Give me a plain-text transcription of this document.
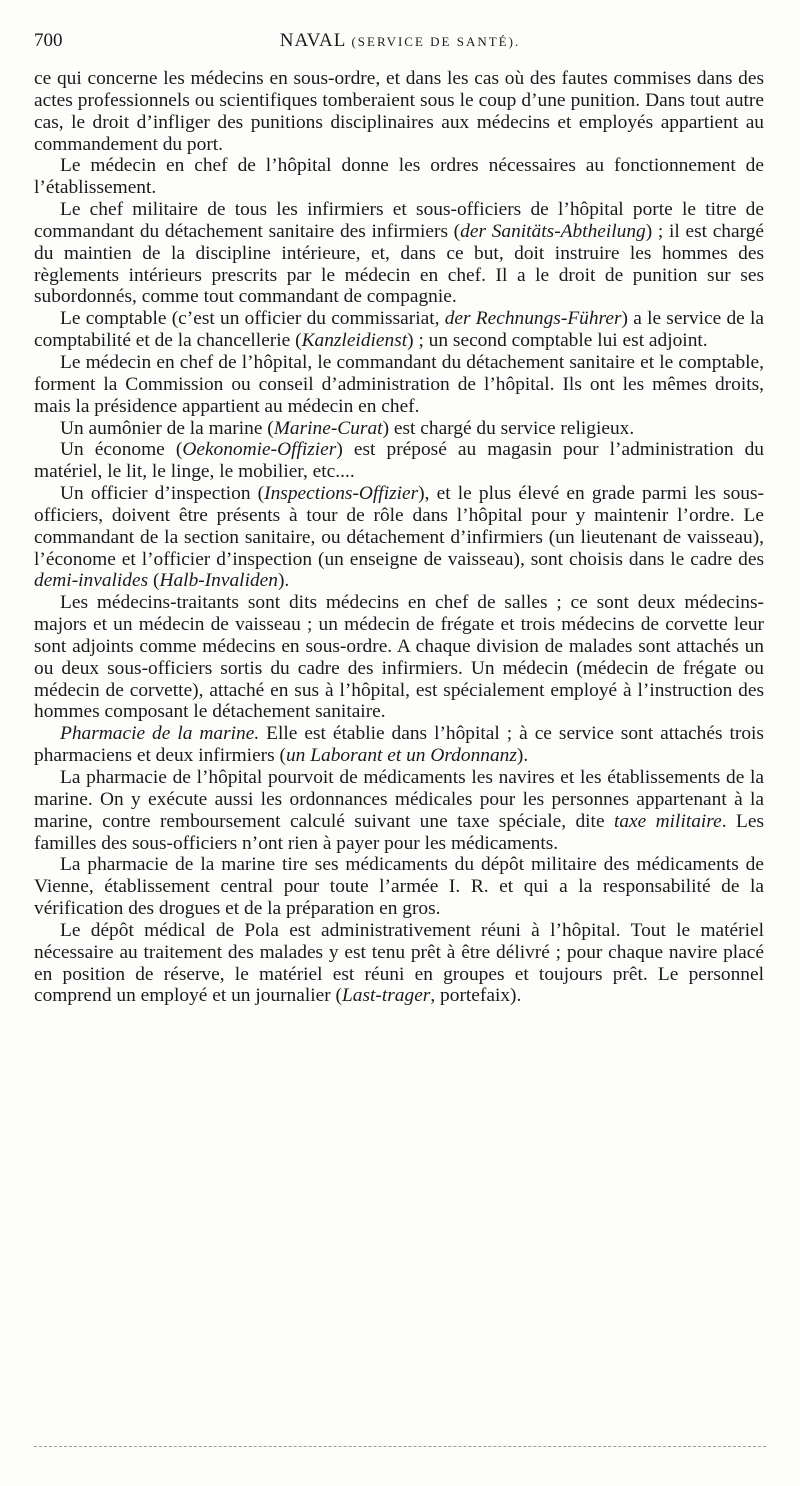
700	NAVAL (SERVICE DE SANTÉ).

ce qui concerne les médecins en sous-ordre, et dans les cas où des fautes commises dans des actes professionnels ou scientifiques tomberaient sous le coup d’une punition. Dans tout autre cas, le droit d’infliger des punitions disciplinaires aux médecins et employés appartient au commandement du port.

Le médecin en chef de l’hôpital donne les ordres nécessaires au fonctionnement de l’établissement.

Le chef militaire de tous les infirmiers et sous-officiers de l’hôpital porte le titre de commandant du détachement sanitaire des infirmiers (der Sanitäts-Abtheilung) ; il est chargé du maintien de la discipline intérieure, et, dans ce but, doit instruire les hommes des règlements intérieurs prescrits par le médecin en chef. Il a le droit de punition sur ses subordonnés, comme tout commandant de compagnie.

Le comptable (c’est un officier du commissariat, der Rechnungs-Führer) a le service de la comptabilité et de la chancellerie (Kanzleidienst) ; un second comptable lui est adjoint.

Le médecin en chef de l’hôpital, le commandant du détachement sanitaire et le comptable, forment la Commission ou conseil d’administration de l’hôpital. Ils ont les mêmes droits, mais la présidence appartient au médecin en chef.

Un aumônier de la marine (Marine-Curat) est chargé du service religieux.

Un économe (Oekonomie-Offizier) est préposé au magasin pour l’administration du matériel, le lit, le linge, le mobilier, etc....

Un officier d’inspection (Inspections-Offizier), et le plus élevé en grade parmi les sous-officiers, doivent être présents à tour de rôle dans l’hôpital pour y maintenir l’ordre. Le commandant de la section sanitaire, ou détachement d’infirmiers (un lieutenant de vaisseau), l’économe et l’officier d’inspection (un enseigne de vaisseau), sont choisis dans le cadre des demi-invalides (Halb-Invaliden).

Les médecins-traitants sont dits médecins en chef de salles ; ce sont deux médecins-majors et un médecin de vaisseau ; un médecin de frégate et trois médecins de corvette leur sont adjoints comme médecins en sous-ordre. A chaque division de malades sont attachés un ou deux sous-officiers sortis du cadre des infirmiers. Un médecin (médecin de frégate ou médecin de corvette), attaché en sus à l’hôpital, est spécialement employé à l’instruction des hommes composant le détachement sanitaire.

Pharmacie de la marine. Elle est établie dans l’hôpital ; à ce service sont attachés trois pharmaciens et deux infirmiers (un Laborant et un Ordonnanz).

La pharmacie de l’hôpital pourvoit de médicaments les navires et les établissements de la marine. On y exécute aussi les ordonnances médicales pour les personnes appartenant à la marine, contre remboursement calculé suivant une taxe spéciale, dite taxe militaire. Les familles des sous-officiers n’ont rien à payer pour les médicaments.

La pharmacie de la marine tire ses médicaments du dépôt militaire des médicaments de Vienne, établissement central pour toute l’armée I. R. et qui a la responsabilité de la vérification des drogues et de la préparation en gros.

Le dépôt médical de Pola est administrativement réuni à l’hôpital. Tout le matériel nécessaire au traitement des malades y est tenu prêt à être délivré ; pour chaque navire placé en position de réserve, le matériel est réuni en groupes et toujours prêt. Le personnel comprend un employé et un journalier (Last-trager, portefaix).
